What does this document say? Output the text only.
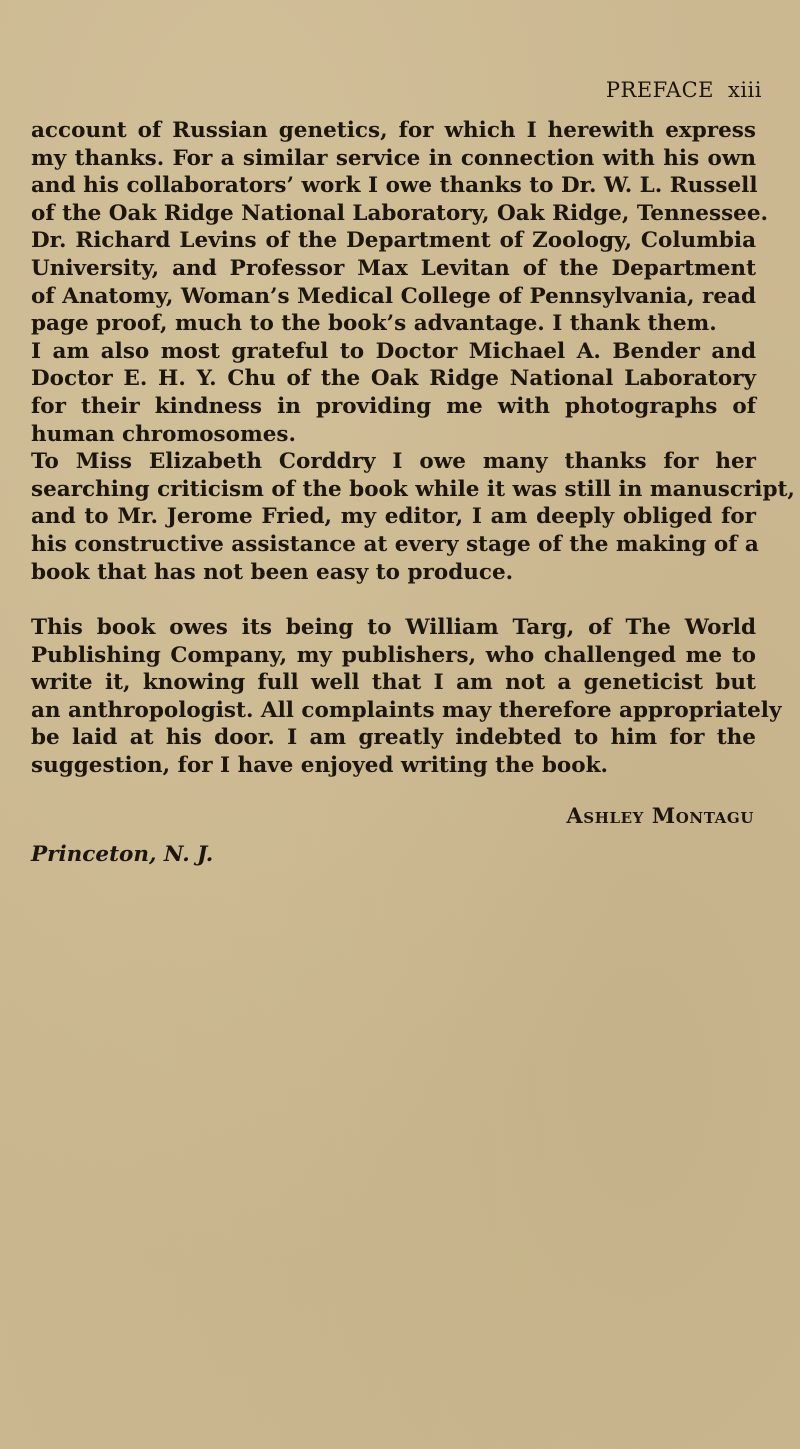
PREFACE xiii
account of Russian genetics, for which I herewith express
my thanks. For a similar service in connection with his own
and his collaborators’ work I owe thanks to Dr. W. L. Russell
of the Oak Ridge National Laboratory, Oak Ridge, Tennessee.
Dr. Richard Levins of the Department of Zoology, Columbia
University, and Professor Max Levitan of the Department
of Anatomy, Woman’s Medical College of Pennsylvania, read
page proof, much to the book’s advantage. I thank them.
I am also most grateful to Doctor Michael A. Bender and
Doctor E. H. Y. Chu of the Oak Ridge National Laboratory
for their kindness in providing me with photographs of
human chromosomes.
To Miss Elizabeth Corddry I owe many thanks for her
searching criticism of the book while it was still in manuscript,
and to Mr. Jerome Fried, my editor, I am deeply obliged for
his constructive assistance at every stage of the making of a
book that has not been easy to produce.
This book owes its being to William Targ, of The World
Publishing Company, my publishers, who challenged me to
write it, knowing full well that I am not a geneticist but
an anthropologist. All complaints may therefore appropriately
be laid at his door. I am greatly indebted to him for the
suggestion, for I have enjoyed writing the book.
Ashley Montagu
Princeton, N. J.
